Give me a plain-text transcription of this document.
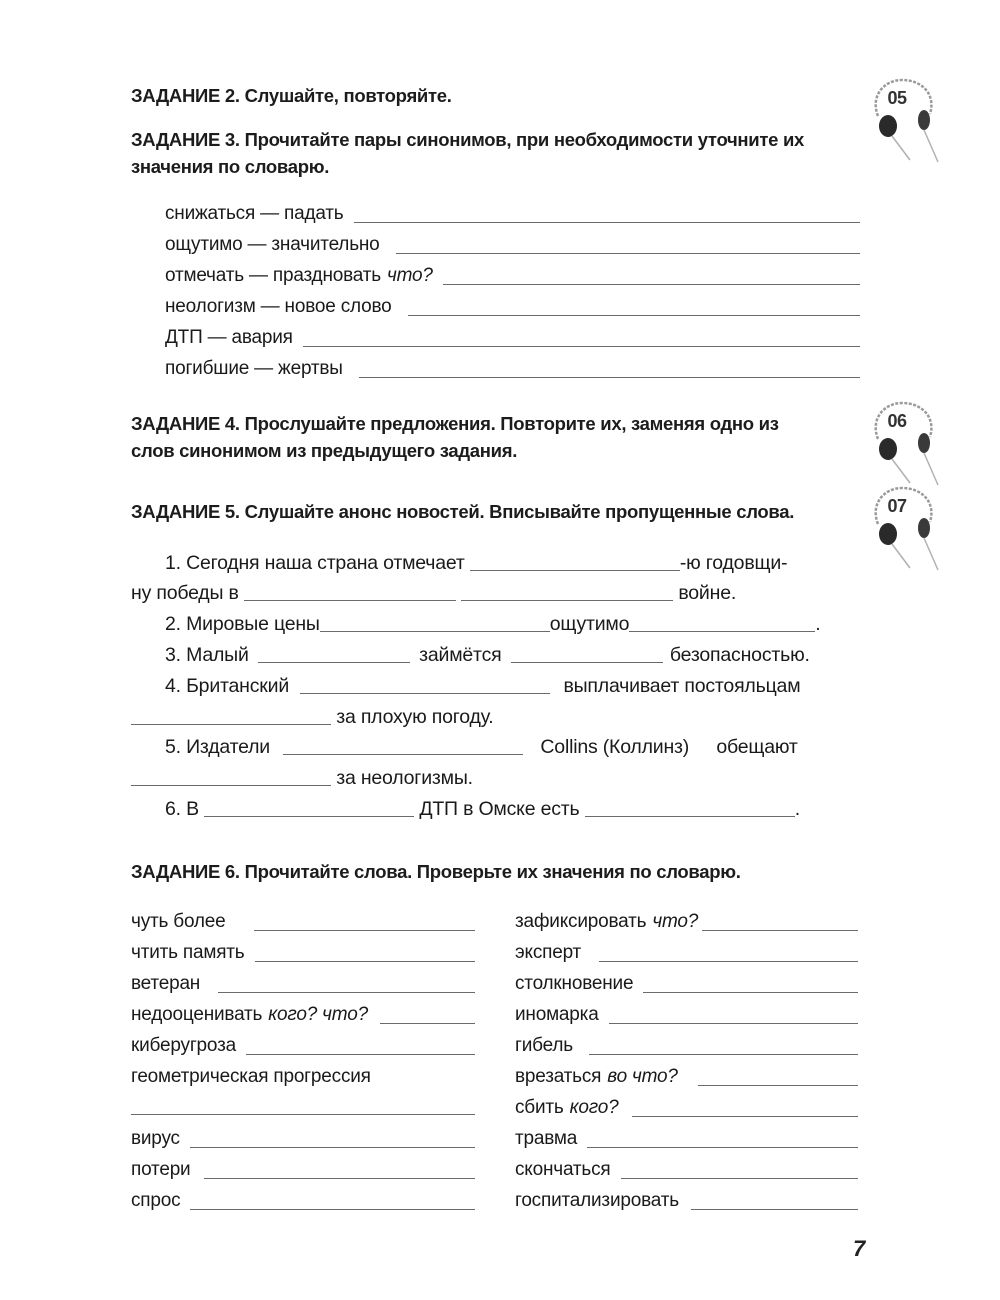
ЗАДАНИЕ 2. Слушайте, повторяйте.	05
ЗАДАНИЕ 3. Прочитайте пары синонимов, при необходимости уточните их
значения по словарю.
снижаться — падать
ощутимо — значительно
отмечать — праздновать что?
неологизм — новое слово
ДТП — авария
погибшие — жертвы
ЗАДАНИЕ 4. Прослушайте предложения. Повторите их, заменяя одно из
слов синонимом из предыдущего задания.
06
ЗАДАНИЕ 5. Слушайте анонс новостей. Вписывайте пропущенные слова.	07
1. Сегодня наша страна отмечает	-ю годовщи-
ну победы в	войне.
2. Мировые цены	ощутимо	.
3. Малый	займётся	безопасностью.
4. Британский	выплачивает постояльцам
за плохую погоду.
5. Издатели	Collins (Коллинз) обещают
за неологизмы.
6. В	ДТП в Омске есть	.
ЗАДАНИЕ 6. Прочитайте слова. Проверьте их значения по словарю.
чуть более
чтить память
ветеран
недооценивать кого? что?
киберугроза
геометрическая прогрессия
вирус
потери
спрос
зафиксировать что?
эксперт
столкновение
иномарка
гибель
врезаться во что?
сбить кого?
травма
скончаться
госпитализировать
7
